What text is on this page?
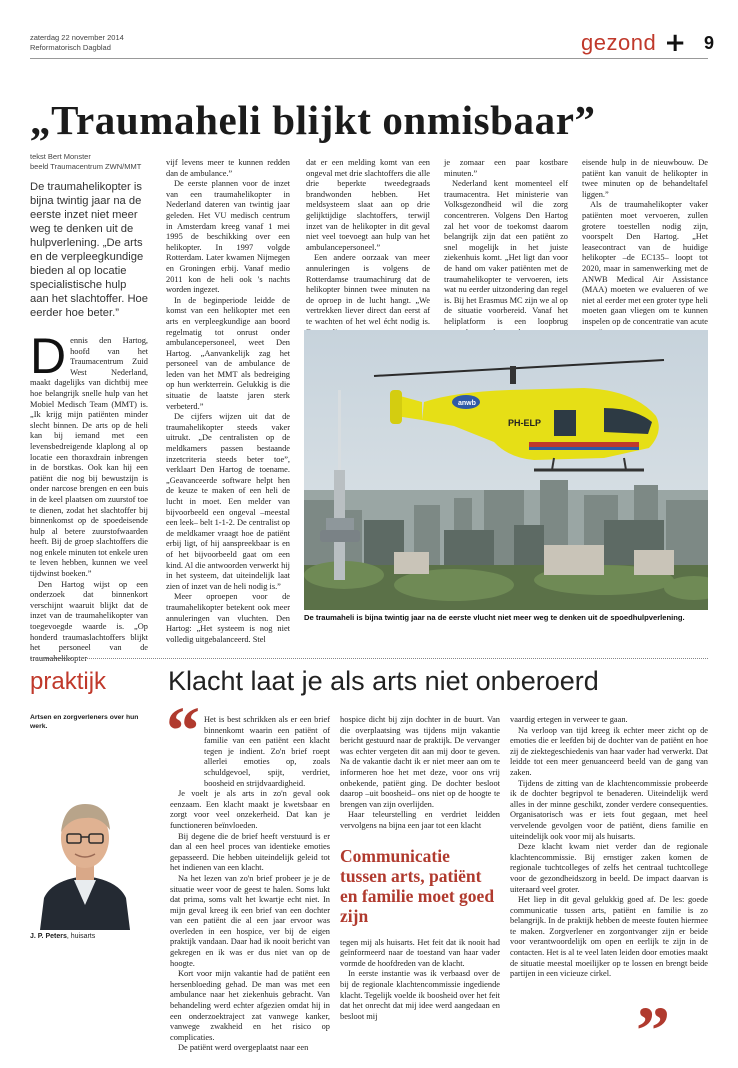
zaterdag 22 november 2014
Reformatorisch Dagblad	gezond + 9
„Traumaheli blijkt onmisbaar”
tekst Bert Monster
beeld Traumacentrum ZWN/MMT
De traumahelikopter is bijna twintig jaar na de eerste inzet niet meer weg te denken uit de hulpverlening. „De arts en de verpleegkundige bieden al op locatie specialistische hulp aan het slachtoffer. Hoe eerder hoe beter.”
D ennis den Hartog, hoofd van het Traumacentrum Zuid West Nederland, maakt dagelijks van dichtbij mee hoe belangrijk snelle hulp van het Mobiel Medisch Team (MMT) is. „Ik krijg mijn patiënten minder slecht binnen. De arts op de heli kan bij iemand met een levensbedreigende klaplong al op locatie een thoraxdrain inbrengen in de borstkas. Ook kan hij een patiënt die nog bij bewustzijn is onder narcose brengen en een buis in de keel plaatsen om zuurstof toe te dienen, zodat het slachtoffer bij binnenkomst op de spoedeisende hulp al betere zuurstofwaarden heeft. Bij de groep slachtoffers die nog enkele minuten tot enkele uren te leven hebben, kunnen we veel tijdwinst boeken.”

Den Hartog wijst op een onderzoek dat binnenkort verschijnt waaruit blijkt dat de inzet van de traumahelikopter van toegevoegde waarde is. „Op honderd traumaslachtoffers blijkt het personeel van de traumahelikopter

vijf levens meer te kunnen redden dan de ambulance.”

De eerste plannen voor de inzet van een traumahelikopter in Nederland dateren van twintig jaar geleden. Het VU medisch centrum in Amsterdam kreeg vanaf 1 mei 1995 de beschikking over een helikopter. In 1997 volgde Rotterdam. Later kwamen Nijmegen en Groningen erbij. Vanaf medio 2011 kon de heli ook 's nachts worden ingezet.

In de beginperiode leidde de komst van een helikopter met een arts en verpleegkundige aan boord regelmatig tot onrust onder ambulancepersoneel, weet Den Hartog. „Aanvankelijk zag het personeel van de ambulance de leden van het MMT als bedreiging op hun werkterrein. Gelukkig is die situatie de laatste jaren sterk verbeterd.”

De cijfers wijzen uit dat de traumahelikopter steeds vaker uitrukt. „De centralisten op de meldkamers passen bestaande inzetcriteria steeds beter toe”, verklaart Den Hartog de toename. „Geavanceerde software helpt hen de keuze te maken of een heli de lucht in moet. Een melder van bijvoorbeeld een ongeval –meestal een leek– belt 1-1-2. De centralist op de meldkamer vraagt hoe de patiënt erbij ligt, of hij aanspreekbaar is en of het bijvoorbeeld gaat om een kind. Al die antwoorden verwerkt hij in het systeem, dat uiteindelijk laat zien of inzet van de heli nodig is.”

Meer oproepen voor de traumahelikopter betekent ook meer annuleringen van vluchten. Den Hartog: „Het systeem is nog niet volledig uitgebalanceerd. Stel

dat er een melding komt van een ongeval met drie slachtoffers die alle drie beperkte tweedegraads brandwonden hebben. Het meldsysteem slaat aan op drie gelijktijdige slachtoffers, terwijl inzet van de helikopter in dit geval niet veel toevoegt aan hulp van het ambulancepersoneel.”

Een andere oorzaak van meer annuleringen is volgens de Rotterdamse traumachirurg dat de helikopter binnen twee minuten na de oproep in de lucht hangt. „We vertrekken liever direct dan eerst af te wachten of het wel écht nodig is.

je zomaar een paar kostbare minuten.”

Nederland kent momenteel elf traumacentra. Het ministerie van Volksgezondheid wil die zorg concentreren. Volgens Den Hartog zal het voor de toekomst daarom belangrijk zijn dat een patiënt zo snel mogelijk in het juiste ziekenhuis komt. „Het ligt dan voor de hand om vaker patiënten met de traumahelikopter te vervoeren, iets wat nu eerder uitzondering dan regel is. Bij het Erasmus MC zijn we al op de situatie voorbereid. Vanaf het heliplatform is een loopbrug

eisende hulp in de nieuwbouw. De patiënt kan vanuit de helikopter in twee minuten op de behandeltafel liggen.”

Als de traumahelikopter vaker patiënten moet vervoeren, zullen grotere toestellen nodig zijn, voorspelt Den Hartog. „Het leasecontract van de huidige helikopter –de EC135– loopt tot 2020, maar in samenwerking met de ANWB Medical Air Assistance (MAA) moeten we evalueren of we niet al eerder met een groter type heli moeten gaan vliegen om te kunnen inspelen op de concentratie van acute

anwb
PH-ELP
De traumaheli is bijna twintig jaar na de eerste vlucht niet meer weg te denken uit de spoedhulpverlening.
praktijk Klacht laat je als arts niet onberoerd
Artsen en zorgverleners over hun werk.
J. P. Peters, huisarts
“ Het is best schrikken als er een brief binnenkomt waarin een patiënt of familie van een patiënt een klacht tegen je indient. Zo'n brief roept allerlei emoties op, zoals schuldgevoel, spijt, verdriet, boosheid en strijdvaardigheid.

Je voelt je als arts in zo'n geval ook eenzaam. Een klacht maakt je kwetsbaar en zorgt voor veel onzekerheid. Dat kan je functioneren beïnvloeden.

Bij degene die de brief heeft verstuurd is er dan al een heel proces van identieke emoties gepasseerd. Die hebben uiteindelijk geleid tot het indienen van een klacht.

Na het lezen van zo'n brief probeer je je de situatie weer voor de geest te halen. Soms lukt dat prima, soms valt het kwartje echt niet. In mijn geval kreeg ik een brief van een dochter van een patiënt die al een jaar ervoor was overleden in een hospice, ver bij de eigen praktijk vandaan. Daar had ik nooit bericht van gekregen en ik was er dus niet van op de hoogte.

Kort voor mijn vakantie had de patiënt een hersenbloeding gehad. De man was met een ambulance naar het ziekenhuis gebracht. Van behandeling werd echter afgezien omdat hij in een onderzoektraject zat vanwege kanker, vanwege zwakheid en het risico op complicaties.

De patiënt werd overgeplaatst naar een

hospice dicht bij zijn dochter in de buurt. Van die overplaatsing was tijdens mijn vakantie bericht gestuurd naar de praktijk. De vervanger was echter vergeten dit aan mij door te geven. Na de vakantie dacht ik er niet meer aan om te informeren hoe het met deze, voor ons vrij onbekende, patiënt ging. De dochter besloot daarop –uit boosheid– ons niet op de hoogte te brengen van zijn overlijden.

Haar teleurstelling en verdriet leidden vervolgens na bijna een jaar tot een klacht

Communicatie tussen arts, patiënt en familie moet goed zijn

tegen mij als huisarts. Het feit dat ik nooit had geïnformeerd naar de toestand van haar vader vormde de hoofdreden van de klacht.

In eerste instantie was ik verbaasd over de bij de regionale klachtencommissie ingediende klacht. Tegelijk voelde ik boosheid over het feit dat het onrecht dat mij idee werd aangedaan en besloot mij

vaardig ertegen in verweer te gaan.

Na verloop van tijd kreeg ik echter meer zicht op de emoties die er leefden bij de dochter van de patiënt en hoe zij de ziektegeschiedenis van haar vader had verwerkt. Dat leidde tot een meer genuanceerd beeld van de gang van zaken.

Tijdens de zitting van de klachtencommissie probeerde ik de dochter begripvol te benaderen. Uiteindelijk werd alles in der minne geschikt, zonder verdere consequenties. Organisatorisch was er iets fout gegaan, met heel vervelende gevolgen voor de patiënt, diens familie en uiteindelijk ook voor mij als huisarts.

Deze klacht kwam niet verder dan de regionale klachtencommissie. Bij ernstiger zaken komen de regionale tuchtcolleges of zelfs het centraal tuchtcollege voor de gezondheidszorg in beeld. De impact daarvan is uiteraard veel groter.

Het liep in dit geval gelukkig goed af. De les: goede communicatie tussen arts, patiënt en familie is zo belangrijk. In de praktijk hebben de meeste fouten hiermee te maken. Zorgverlener en zorgontvanger zijn er beide voor verantwoordelijk om open en eerlijk te zijn in de contacten. Het is al te veel laten leiden door emoties maakt de situatie meestal moeilijker op te lossen en brengt beide partijen in een vicieuze cirkel.

”
